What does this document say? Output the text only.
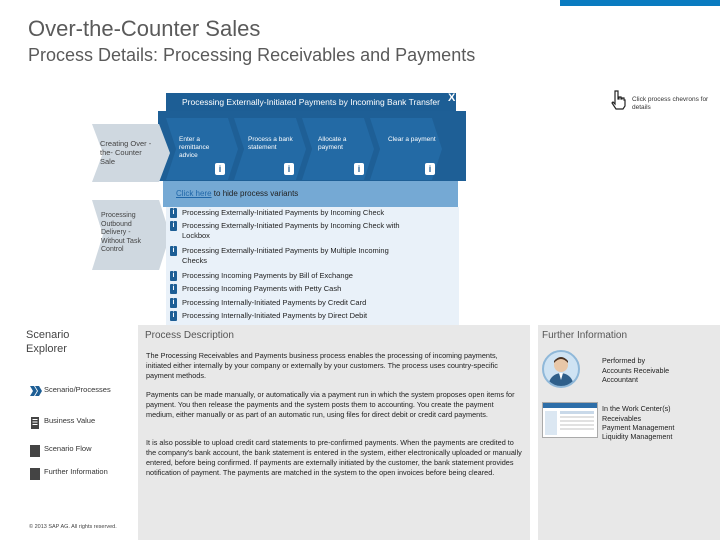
Over-the-Counter Sales
Process Details: Processing Receivables and Payments
Click process chevrons for details
Processing Externally-Initiated Payments by Incoming Bank Transfer X
Creating Over -the- Counter Sale
Enter a remittance advice
i
Process a bank statement
i
Allocate a payment
i
Clear a payment
i
Click here to hide process variants
Processing Outbound Delivery - Without Task Control
i Processing Externally-Initiated Payments by Incoming Check
i Processing Externally-Initiated Payments by Incoming Check with
Lockbox
i Processing Externally-Initiated Payments by Multiple Incoming
Checks
i Processing Incoming Payments by Bill of Exchange
i Processing Incoming Payments with Petty Cash
i Processing Internally-Initiated Payments by Credit Card
i Processing Internally-Initiated Payments by Direct Debit
Scenario Explorer
Scenario/Processes
Business Value
Scenario Flow
Further Information
© 2013 SAP AG. All rights reserved.
Process Description
The Processing Receivables and Payments business process enables the processing of incoming payments, initiated either internally by your company or externally by your customers. The process uses country-specific payment methods.
Payments can be made manually, or automatically via a payment run in which the system proposes open items for payment. You then release the payments and the system posts them to accounting. You create the payment medium, either manually or as part of an automatic run, using files for direct debit or credit card payments.
It is also possible to upload credit card statements to pre-confirmed payments. When the payments are credited to the company's bank account, the bank statement is entered in the system, either electronically uploaded or manually entered, before being confirmed. If payments are externally initiated by the customer, the bank statement provides notification of payment. The payments are matched in the system to the open invoices before being cleared.
Further Information
Performed by
Accounts Receivable Accountant
In the Work Center(s)
Receivables
Payment Management
Liquidity Management
